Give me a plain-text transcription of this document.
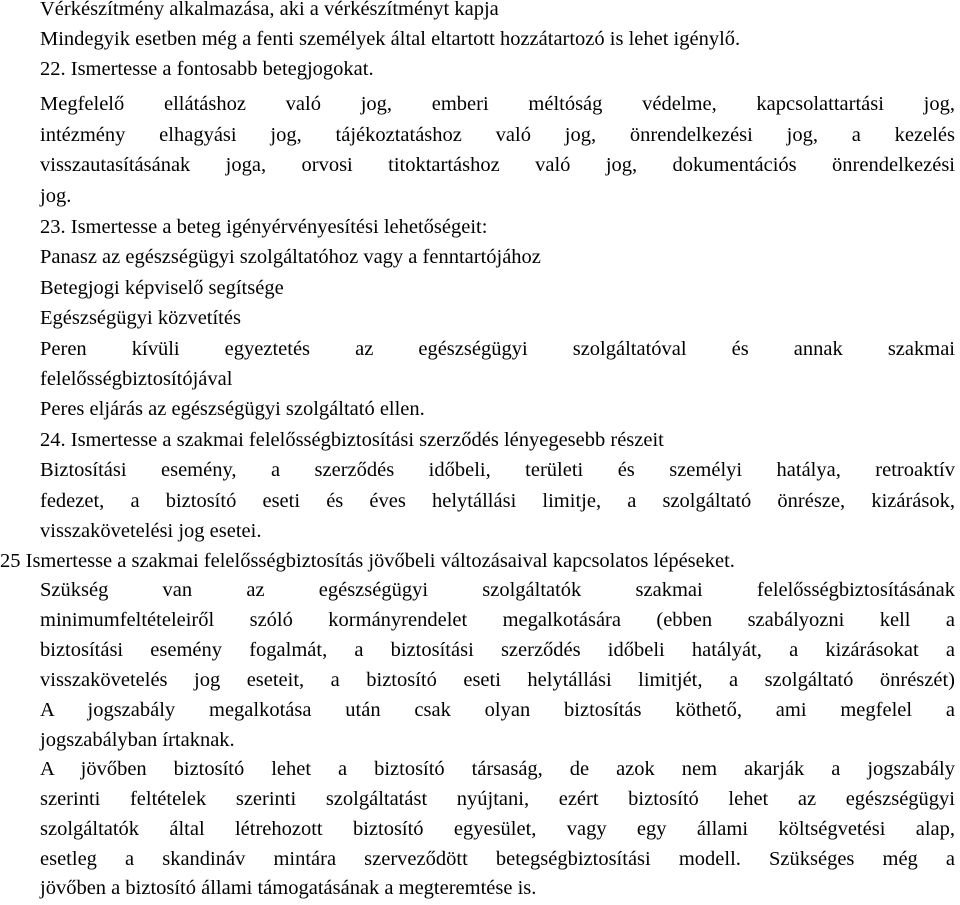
Vérkészítmény alkalmazása, aki a vérkészítményt kapja
Mindegyik esetben még a fenti személyek által eltartott hozzátartozó is lehet igénylő.
22. Ismertesse a fontosabb betegjogokat.
Megfelelő ellátáshoz való jog, emberi méltóság védelme, kapcsolattartási jog,
intézmény elhagyási jog, tájékoztatáshoz való jog, önrendelkezési jog, a kezelés
visszautasításának joga, orvosi titoktartáshoz való jog, dokumentációs önrendelkezési
jog.
23. Ismertesse a beteg igényérvényesítési lehetőségeit:
Panasz az egészségügyi szolgáltatóhoz vagy a fenntartójához
Betegjogi képviselő segítsége
Egészségügyi közvetítés
Peren kívüli egyeztetés az egészségügyi szolgáltatóval és annak szakmai
felelősségbiztosítójával
Peres eljárás az egészségügyi szolgáltató ellen.
24. Ismertesse a szakmai felelősségbiztosítási szerződés lényegesebb részeit
Biztosítási esemény, a szerződés időbeli, területi és személyi hatálya, retroaktív
fedezet, a biztosító eseti és éves helytállási limitje, a szolgáltató önrésze, kizárások,
visszakövetelési jog esetei.
25 Ismertesse a szakmai felelősségbiztosítás jövőbeli változásaival kapcsolatos lépéseket.
Szükség van az egészségügyi szolgáltatók szakmai felelősségbiztosításának
minimumfeltételeiről szóló kormányrendelet megalkotására (ebben szabályozni kell a
biztosítási esemény fogalmát, a biztosítási szerződés időbeli hatályát, a kizárásokat a
visszakövetelés jog eseteit, a biztosító eseti helytállási limitjét, a szolgáltató önrészét)
A jogszabály megalkotása után csak olyan biztosítás köthető, ami megfelel a
jogszabályban írtaknak.
A jövőben biztosító lehet a biztosító társaság, de azok nem akarják a jogszabály
szerinti feltételek szerinti szolgáltatást nyújtani, ezért biztosító lehet az egészségügyi
szolgáltatók által létrehozott biztosító egyesület, vagy egy állami költségvetési alap,
esetleg a skandináv mintára szerveződött betegségbiztosítási modell. Szükséges még a
jövőben a biztosító állami támogatásának a megteremtése is.
